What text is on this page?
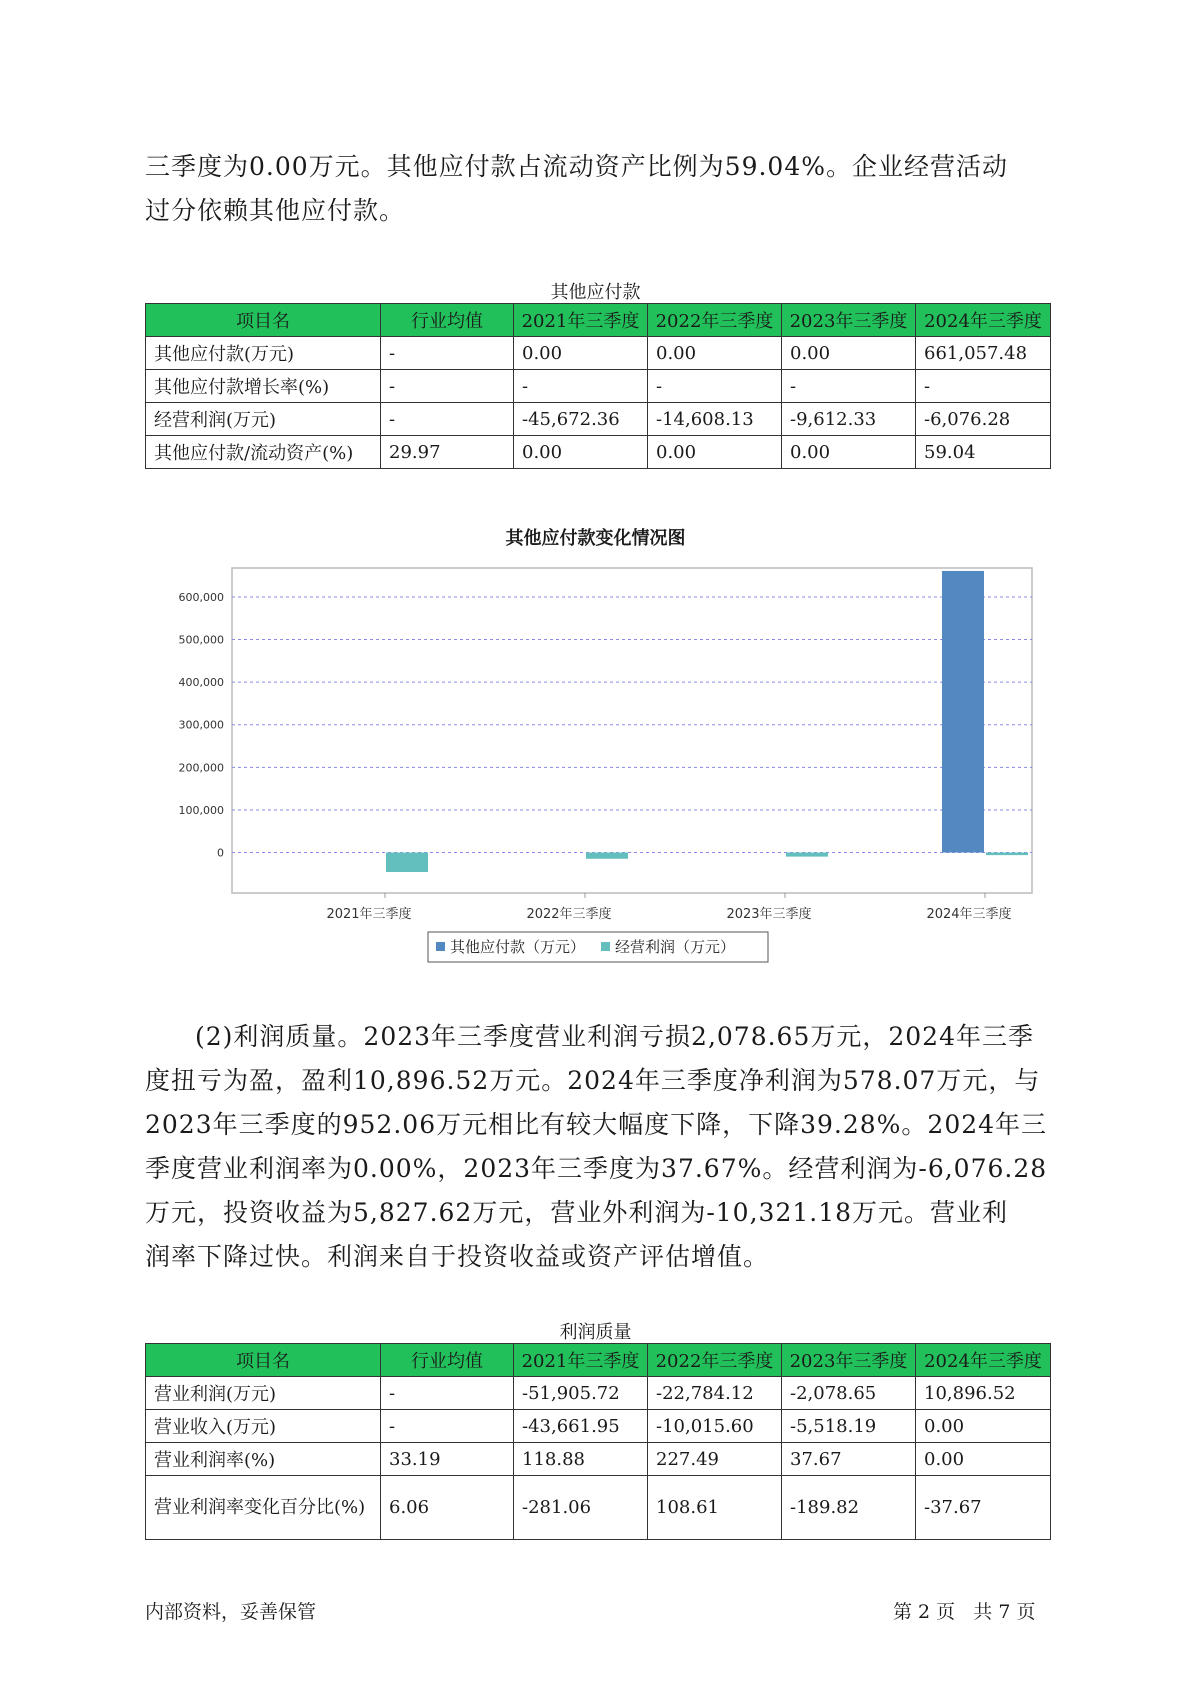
三季度为0.00万元。其他应付款占流动资产比例为59.04%。企业经营活动
过分依赖其他应付款。

其他应付款
项目名	行业均值	2021年三季度	2022年三季度	2023年三季度	2024年三季度
其他应付款(万元)	-	0.00	0.00	0.00	661,057.48
其他应付款增长率(%)	-	-	-	-	-
经营利润(万元)	-	-45,672.36	-14,608.13	-9,612.33	-6,076.28
其他应付款/流动资产(%)	29.97	0.00	0.00	0.00	59.04
其他应付款变化情况图
0
100,000
200,000
300,000
400,000
500,000
600,000
2021年三季度	2022年三季度	2023年三季度	2024年三季度
其他应付款（万元） 经营利润（万元）

(2)利润质量。2023年三季度营业利润亏损2,078.65万元，2024年三季
度扭亏为盈，盈利10,896.52万元。2024年三季度净利润为578.07万元，与
2023年三季度的952.06万元相比有较大幅度下降，下降39.28%。2024年三
季度营业利润率为0.00%，2023年三季度为37.67%。经营利润为-6,076.28
万元，投资收益为5,827.62万元，营业外利润为-10,321.18万元。营业利
润率下降过快。利润来自于投资收益或资产评估增值。

利润质量
项目名	行业均值	2021年三季度	2022年三季度	2023年三季度	2024年三季度
营业利润(万元)	-	-51,905.72	-22,784.12	-2,078.65	10,896.52
营业收入(万元)	-	-43,661.95	-10,015.60	-5,518.19	0.00
营业利润率(%)	33.19	118.88	227.49	37.67	0.00
营业利润率变化百分比(%)	6.06	-281.06	108.61	-189.82	-37.67
内部资料，妥善保管	第 2 页   共 7 页
